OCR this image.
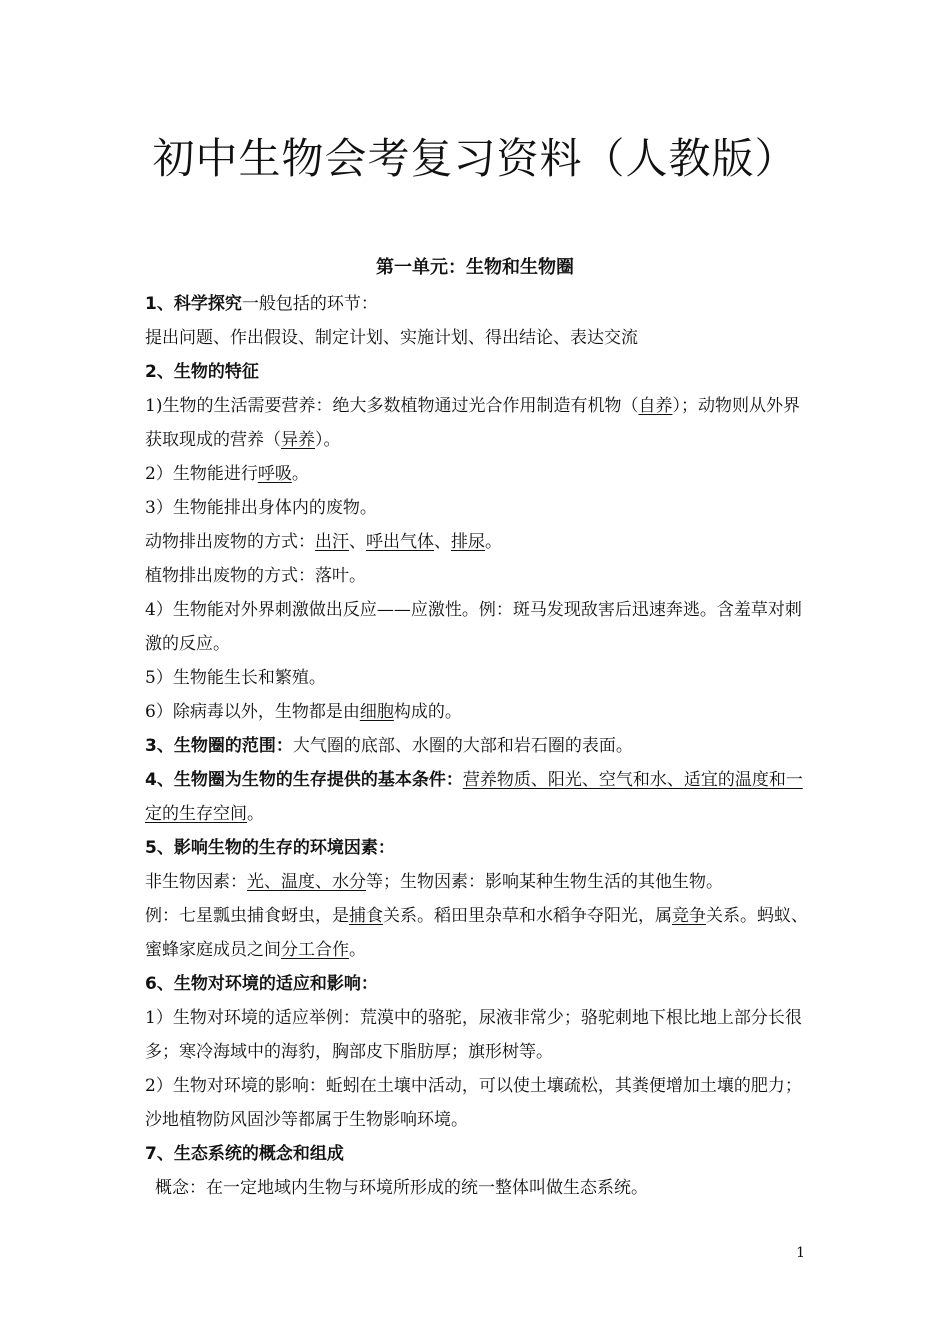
初中生物会考复习资料（人教版）
第一单元：生物和生物圈

1、科学探究一般包括的环节：

提出问题、作出假设、制定计划、实施计划、得出结论、表达交流

2、生物的特征

1)生物的生活需要营养：绝大多数植物通过光合作用制造有机物（自养）；动物则从外界获取现成的营养（异养）。

2）生物能进行呼吸。

3）生物能排出身体内的废物。

动物排出废物的方式：出汗、呼出气体、排尿。

植物排出废物的方式：落叶。

4）生物能对外界刺激做出反应——应激性。例：斑马发现敌害后迅速奔逃。含羞草对刺激的反应。

5）生物能生长和繁殖。

6）除病毒以外，生物都是由细胞构成的。

3、生物圈的范围：大气圈的底部、水圈的大部和岩石圈的表面。

4、生物圈为生物的生存提供的基本条件：营养物质、阳光、空气和水、适宜的温度和一定的生存空间。

5、影响生物的生存的环境因素：

非生物因素：光、温度、水分等；生物因素：影响某种生物生活的其他生物。

例：七星瓢虫捕食蚜虫，是捕食关系。稻田里杂草和水稻争夺阳光，属竞争关系。蚂蚁、蜜蜂家庭成员之间分工合作。

6、生物对环境的适应和影响：

1）生物对环境的适应举例：荒漠中的骆驼，尿液非常少；骆驼刺地下根比地上部分长很多；寒冷海域中的海豹，胸部皮下脂肪厚；旗形树等。

2）生物对环境的影响：蚯蚓在土壤中活动，可以使土壤疏松，其粪便增加土壤的肥力；沙地植物防风固沙等都属于生物影响环境。

7、生态系统的概念和组成

概念：在一定地域内生物与环境所形成的统一整体叫做生态系统。

1
